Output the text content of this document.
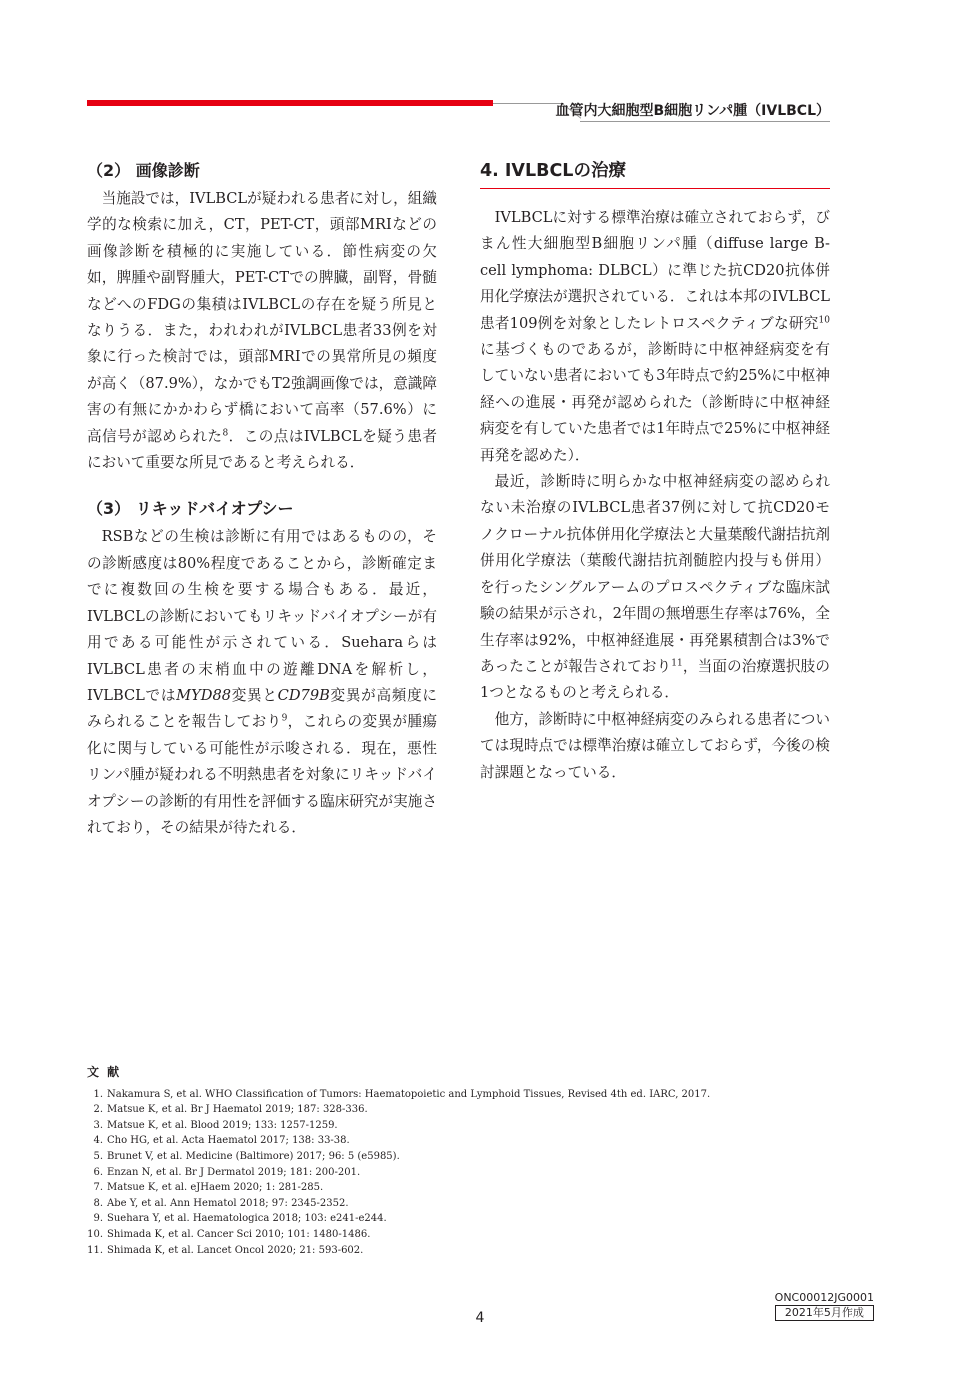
血管内大細胞型B細胞リンパ腫（IVLBCL）
（2） 画像診断

当施設では，IVLBCLが疑われる患者に対し，組織学的な検索に加え，CT，PET-CT，頭部MRIなどの画像診断を積極的に実施している．節性病変の欠如，脾腫や副腎腫大，PET-CTでの脾臓，副腎，骨髄などへのFDGの集積はIVLBCLの存在を疑う所見となりうる．また，われわれがIVLBCL患者33例を対象に行った検討では，頭部MRIでの異常所見の頻度が高く（87.9%），なかでもT2強調画像では，意識障害の有無にかかわらず橋において高率（57.6%）に高信号が認められた$^8$．この点はIVLBCLを疑う患者において重要な所見であると考えられる．

（3） リキッドバイオプシー

RSBなどの生検は診断に有用ではあるものの，その診断感度は80%程度であることから，診断確定までに複数回の生検を要する場合もある．最近，IVLBCLの診断においてもリキッドバイオプシーが有用である可能性が示されている．SueharaらはIVLBCL患者の末梢血中の遊離DNAを解析し，IVLBCLではMYD88変異とCD79B変異が高頻度にみられることを報告しており$^9$，これらの変異が腫瘍化に関与している可能性が示唆される．現在，悪性リンパ腫が疑われる不明熱患者を対象にリキッドバイオプシーの診断的有用性を評価する臨床研究が実施されており，その結果が待たれる．

4. IVLBCLの治療

IVLBCLに対する標準治療は確立されておらず，びまん性大細胞型B細胞リンパ腫（diffuse large B-cell lymphoma: DLBCL）に準じた抗CD20抗体併用化学療法が選択されている．これは本邦のIVLBCL患者109例を対象としたレトロスペクティブな研究$^{10}$に基づくものであるが，診断時に中枢神経病変を有していない患者においても3年時点で約25%に中枢神経への進展・再発が認められた（診断時に中枢神経病変を有していた患者では1年時点で25%に中枢神経再発を認めた）．

最近，診断時に明らかな中枢神経病変の認められない未治療のIVLBCL患者37例に対して抗CD20モノクローナル抗体併用化学療法と大量葉酸代謝拮抗剤併用化学療法（葉酸代謝拮抗剤髄腔内投与も併用）を行ったシングルアームのプロスペクティブな臨床試験の結果が示され，2年間の無増悪生存率は76%，全生存率は92%，中枢神経進展・再発累積割合は3%であったことが報告されており$^{11}$，当面の治療選択肢の1つとなるものと考えられる．

他方，診断時に中枢神経病変のみられる患者については現時点では標準治療は確立しておらず，今後の検討課題となっている．

文 献
1. Nakamura S, et al. WHO Classification of Tumors: Haematopoietic and Lymphoid Tissues, Revised 4th ed. IARC, 2017.
2. Matsue K, et al. Br J Haematol 2019; 187: 328-336.
3. Matsue K, et al. Blood 2019; 133: 1257-1259.
4. Cho HG, et al. Acta Haematol 2017; 138: 33-38.
5. Brunet V, et al. Medicine (Baltimore) 2017; 96: 5 (e5985).
6. Enzan N, et al. Br J Dermatol 2019; 181: 200-201.
7. Matsue K, et al. eJHaem 2020; 1: 281-285.
8. Abe Y, et al. Ann Hematol 2018; 97: 2345-2352.
9. Suehara Y, et al. Haematologica 2018; 103: e241-e244.
10. Shimada K, et al. Cancer Sci 2010; 101: 1480-1486.
11. Shimada K, et al. Lancet Oncol 2020; 21: 593-602.
ONC00012JG0001
2021年5月作成
4
